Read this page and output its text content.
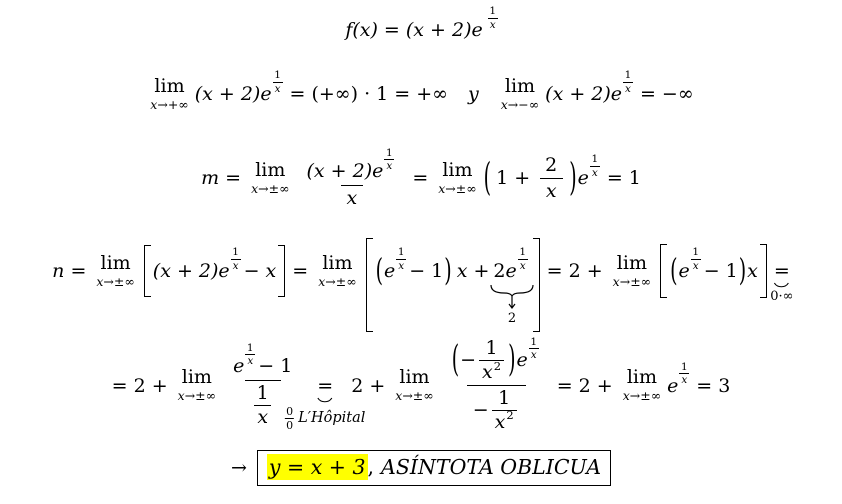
$f(x) = (x + 2)e \frac{1}{x}$
lim
x→+∞ $(x + 2)e \frac{1}{x}$ = (+∞) · 1 = +∞ y lim
x→−∞ $(x + 2)e \frac{1}{x}$ = −∞
m = lim
$x\to\pm\infty \frac{(x + 2)e \frac{1}{x}}{x} = \lim$
x→±∞ ( $1 + \frac{2}{x}$ ) e $\frac{1}{x} = 1$
n = lim
x→±∞ $(x + 2)e \frac{1}{x} - x = \lim$
x→±∞ ( e $\frac{1}{x} - 1$ ) x + 2 e $\frac{1}{x}$
2
= 2 + lim
x→±∞ ( e $\frac{1}{x} - 1$ ) x =
0·∞
= 2 + lim
$x\to\pm\infty \frac{e \frac{1}{x} - 1}{\frac{1}{x}}$ =
$\frac{0}{0}$ L′Hôpital
2 + lim
$x\to\pm\infty \frac{( - \frac{1}{x 2} ) e \frac{1}{x}}{- \frac{1}{x 2}} = 2 + \lim$
x→±∞ e $\frac{1}{x} = 3$
→ y = x + 3 , ASÍNTOTA OBLICUA
